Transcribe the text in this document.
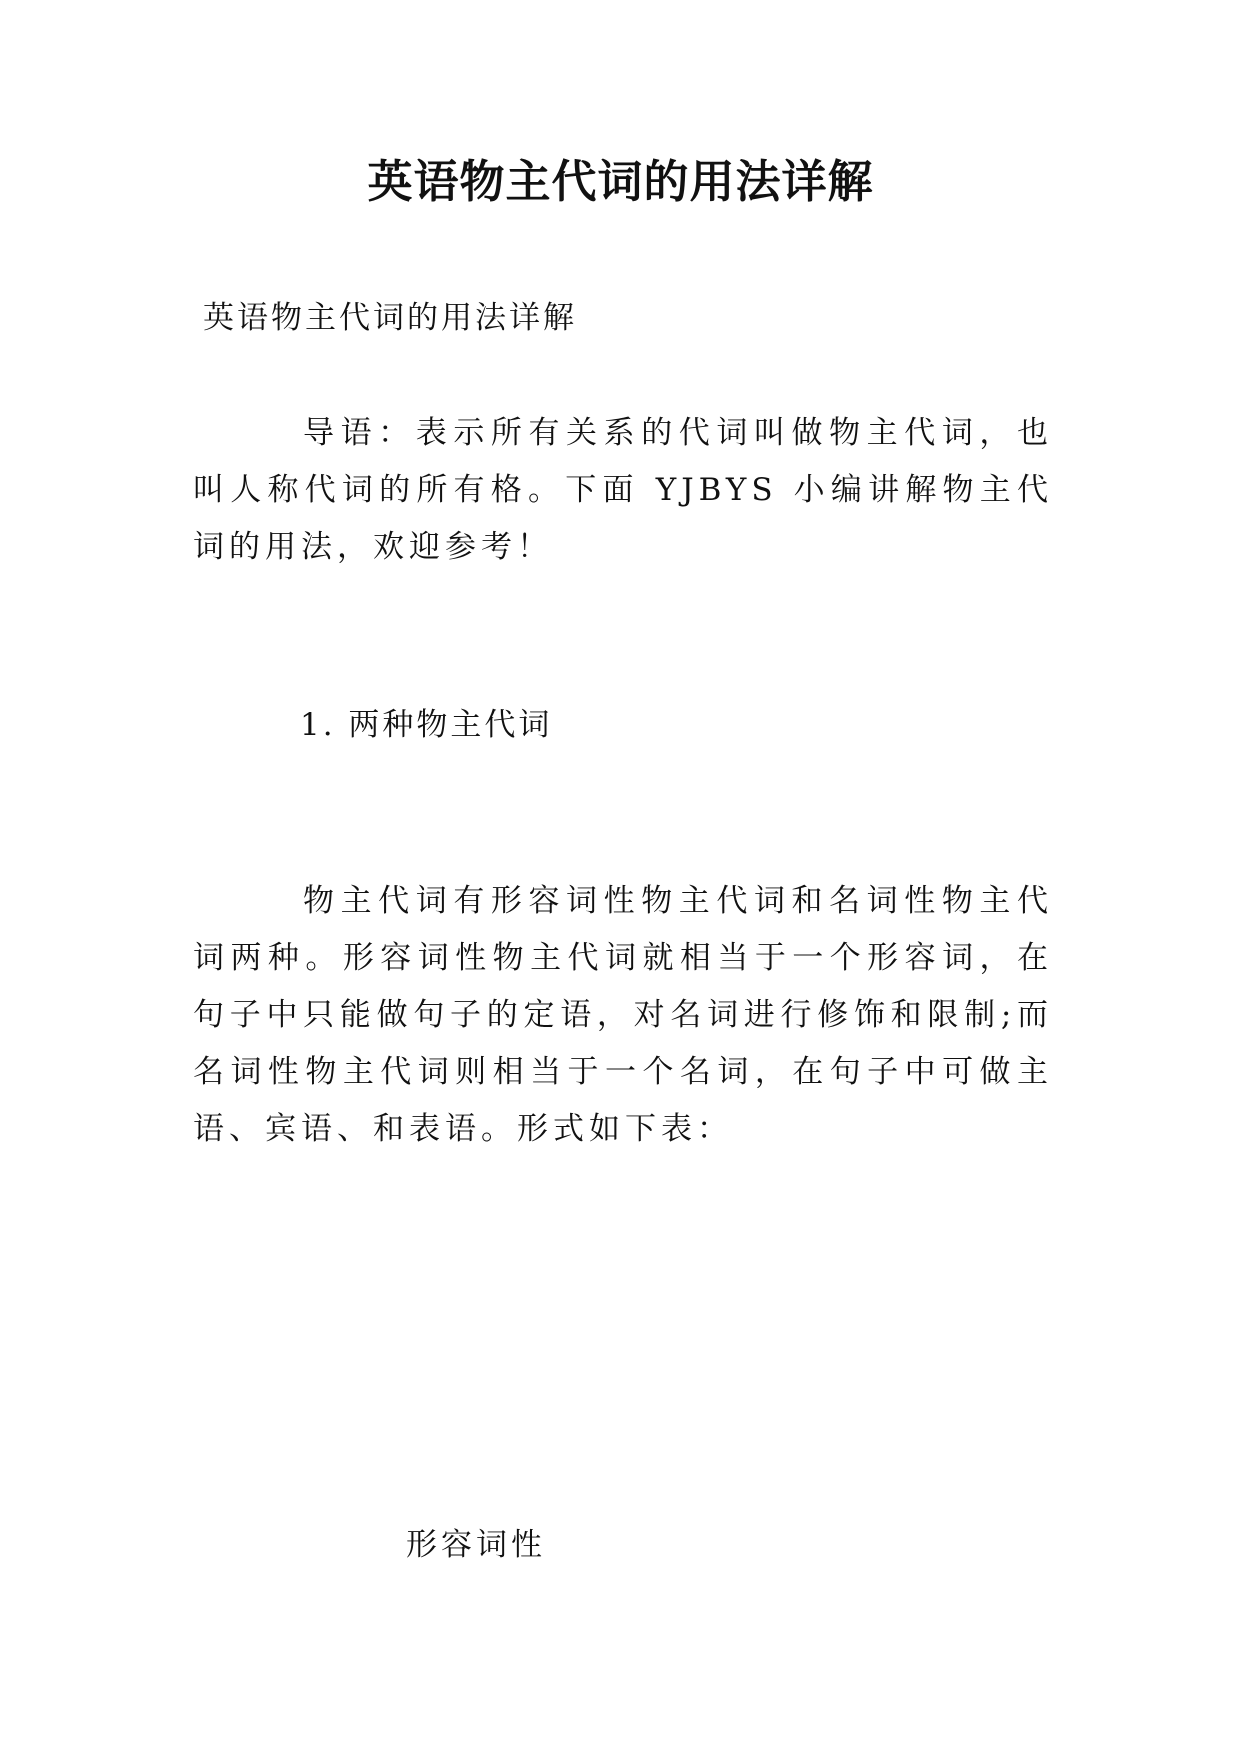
英语物主代词的用法详解

英语物主代词的用法详解

导语：表示所有关系的代词叫做物主代词，也叫人称代词的所有格。下面 YJBYS 小编讲解物主代词的用法，欢迎参考！

1. 两种物主代词

物主代词有形容词性物主代词和名词性物主代词两种。形容词性物主代词就相当于一个形容词，在句子中只能做句子的定语，对名词进行修饰和限制;而名词性物主代词则相当于一个名词，在句子中可做主语、宾语、和表语。形式如下表：

形容词性
